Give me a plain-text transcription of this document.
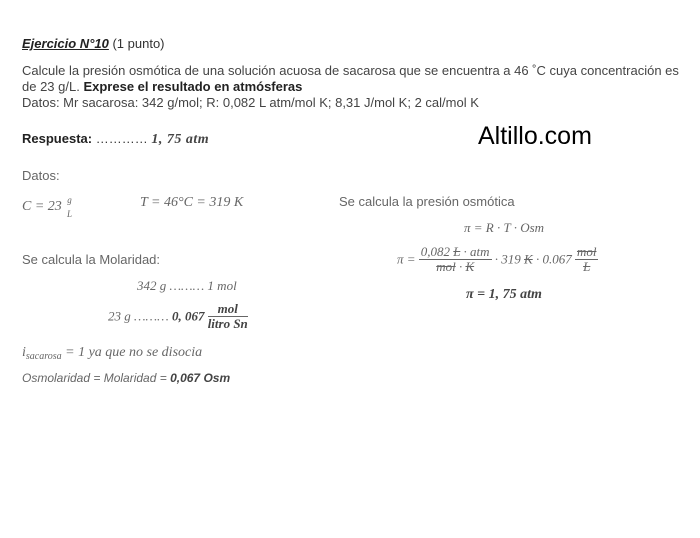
Ejercicio N°10 (1 punto)
Calcule la presión osmótica de una solución acuosa de sacarosa que se encuentra a 46 ˚C cuya concentración es
de 23 g/L. Exprese el resultado en atmósferas
Datos: Mr sacarosa: 342 g/mol; R: 0,082 L atm/mol K; 8,31 J/mol K; 2 cal/mol K
Respuesta: ………… 1, 75 atm	Altillo.com
Datos:
C = 23 g
L
T = 46°C = 319 K	Se calcula la presión osmótica
π = R · T · Osm
$\pi = \frac{\text{0,082 L · atm}}{\text{mol · K}} \cdot 319$ $K \cdot 0.067 \frac{\text{mol}}{L}$
π = 1, 75 atm
Se calcula la Molaridad:
342 g ……… 1 mol
23 g ……… 0, $067 \frac{\text{mol}}{\text{litro Sn}}$
$i_{sacarosa} = 1$ ya que no se disocia
Osmolaridad = Molaridad = 0,067 Osm
